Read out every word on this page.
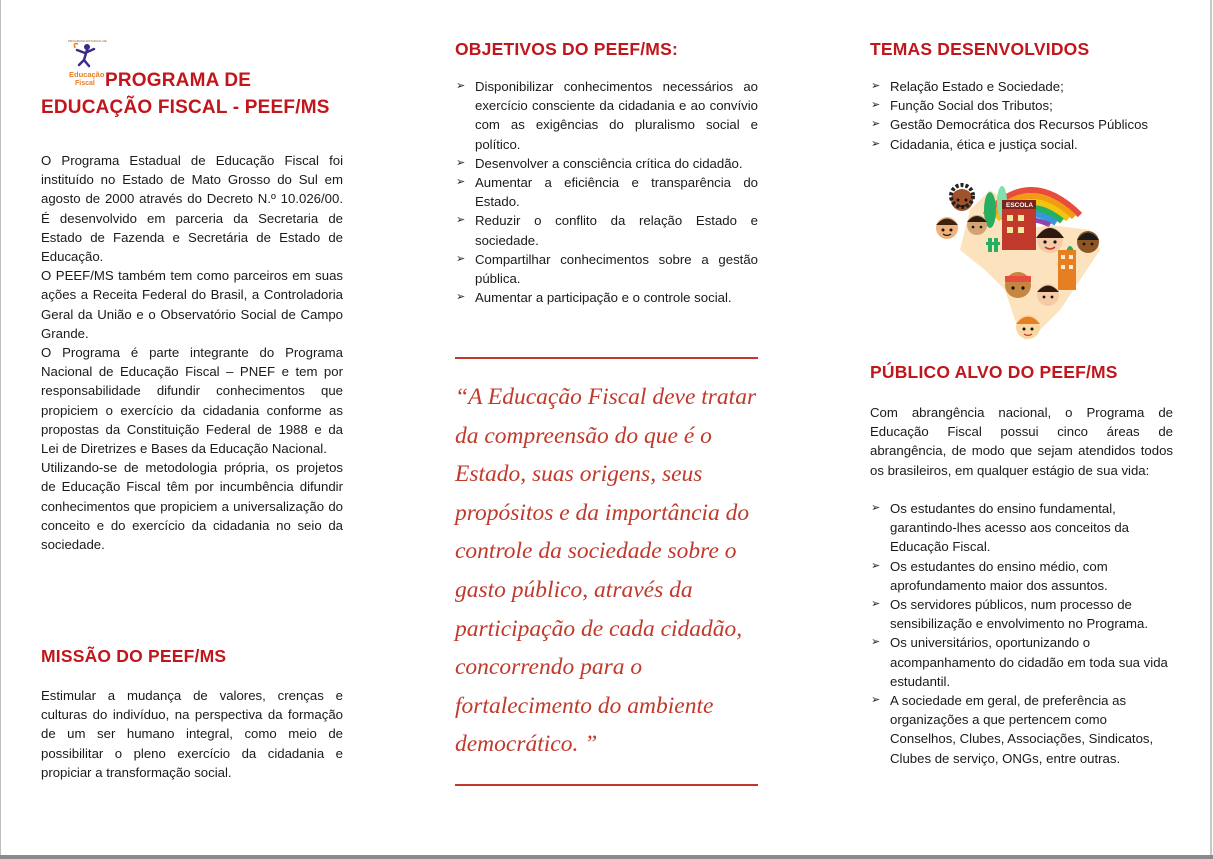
PROGRAMA ESTADUAL DE
Educação
Fiscal PROGRAMA DE
EDUCAÇÃO FISCAL - PEEF/MS

O Programa Estadual de Educação Fiscal foi instituído no Estado de Mato Grosso do Sul em agosto de 2000 através do Decreto N.º 10.026/00. É desenvolvido em parceria da Secretaria de Estado de Fazenda e Secretária de Estado de Educação.

O PEEF/MS também tem como parceiros em suas ações a Receita Federal do Brasil, a Controladoria Geral da União e o Observatório Social de Campo Grande.

O Programa é parte integrante do Programa Nacional de Educação Fiscal – PNEF e tem por responsabilidade difundir conhecimentos que propiciem o exercício da cidadania conforme as propostas da Constituição Federal de 1988 e da Lei de Diretrizes e Bases da Educação Nacional.

Utilizando-se de metodologia própria, os projetos de Educação Fiscal têm por incumbência difundir conhecimentos que propiciem a universalização do conceito e do exercício da cidadania no seio da sociedade.

MISSÃO DO PEEF/MS

Estimular a mudança de valores, crenças e culturas do indivíduo, na perspectiva da formação de um ser humano integral, como meio de possibilitar o pleno exercício da cidadania e propiciar a transformação social.

OBJETIVOS DO PEEF/MS:
➢ Disponibilizar conhecimentos necessários ao exercício consciente da cidadania e ao convívio com as exigências do pluralismo social e político.
➢ Desenvolver a consciência crítica do cidadão.
➢ Aumentar a eficiência e transparência do Estado.
➢ Reduzir o conflito da relação Estado e sociedade.
➢ Compartilhar conhecimentos sobre a gestão pública.
➢ Aumentar a participação e o controle social.
“A Educação Fiscal deve tratar da compreensão do que é o Estado, suas origens, seus propósitos e da importância do controle da sociedade sobre o gasto público, através da participação de cada cidadão, concorrendo para o fortalecimento do ambiente democrático. ”
TEMAS DESENVOLVIDOS
➢ Relação Estado e Sociedade;
➢ Função Social dos Tributos;
➢ Gestão Democrática dos Recursos Públicos
➢ Cidadania, ética e justiça social.
ESCOLA
PÚBLICO ALVO DO PEEF/MS

Com abrangência nacional, o Programa de Educação Fiscal possui cinco áreas de abrangência, de modo que sejam atendidos todos os brasileiros, em qualquer estágio de sua vida:

➢ Os estudantes do ensino fundamental, garantindo-lhes acesso aos conceitos da Educação Fiscal.
➢ Os estudantes do ensino médio, com aprofundamento maior dos assuntos.
➢ Os servidores públicos, num processo de sensibilização e envolvimento no Programa.
➢ Os universitários, oportunizando o acompanhamento do cidadão em toda sua vida estudantil.
➢ A sociedade em geral, de preferência as organizações a que pertencem como Conselhos, Clubes, Associações, Sindicatos, Clubes de serviço, ONGs, entre outras.
